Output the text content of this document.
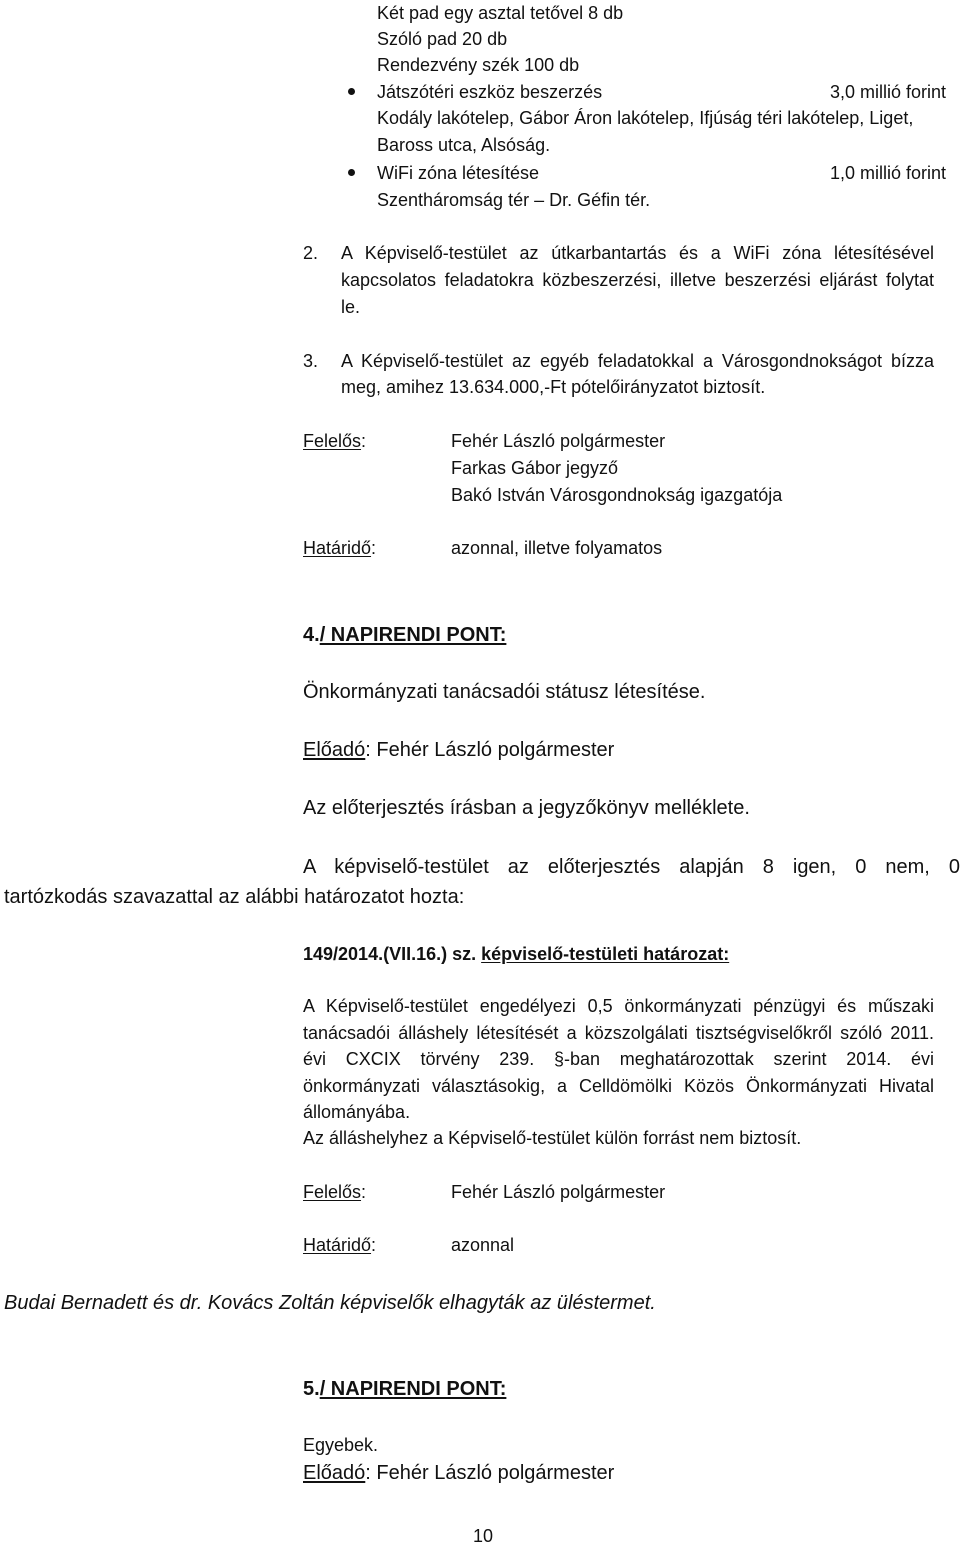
Két pad egy asztal tetővel 8 db
Szóló pad 20 db
Rendezvény szék 100 db
Játszótéri eszköz beszerzés	3,0 millió forint
Kodály lakótelep, Gábor Áron lakótelep, Ifjúság téri lakótelep, Liget,
Baross utca, Alsóság.
WiFi zóna létesítése	1,0 millió forint
Szentháromság tér – Dr. Géfin tér.
2. A Képviselő-testület az útkarbantartás és a WiFi zóna létesítésével
kapcsolatos feladatokra közbeszerzési, illetve beszerzési eljárást folytat
le.
3. A Képviselő-testület az egyéb feladatokkal a Városgondnokságot bízza
meg, amihez 13.634.000,-Ft pótelőirányzatot biztosít.
Felelős:	Fehér László polgármester
Farkas Gábor jegyző
Bakó István Városgondnokság igazgatója
Határidő:	azonnal, illetve folyamatos
4./ NAPIRENDI PONT:
Önkormányzati tanácsadói státusz létesítése.
Előadó: Fehér László polgármester
Az előterjesztés írásban a jegyzőkönyv melléklete.
A képviselő-testület az előterjesztés alapján 8 igen, 0 nem, 0
tartózkodás szavazattal az alábbi határozatot hozta:
149/2014.(VII.16.) sz. képviselő-testületi határozat:
A Képviselő-testület engedélyezi 0,5 önkormányzati pénzügyi és műszaki
tanácsadói álláshely létesítését a közszolgálati tisztségviselőkről szóló 2011.
évi CXCIX törvény 239. §-ban meghatározottak szerint 2014. évi
önkormányzati választásokig, a Celldömölki Közös Önkormányzati Hivatal
állományába.
Az álláshelyhez a Képviselő-testület külön forrást nem biztosít.
Felelős:	Fehér László polgármester
Határidő:	azonnal
Budai Bernadett és dr. Kovács Zoltán képviselők elhagyták az üléstermet.
5./ NAPIRENDI PONT:
Egyebek.
Előadó: Fehér László polgármester
10
